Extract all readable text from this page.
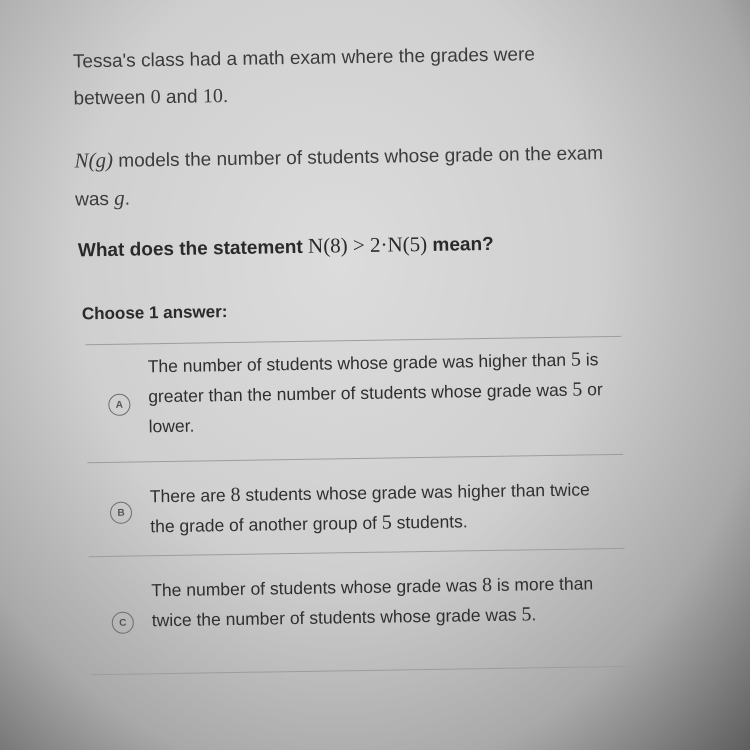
Tessa's class had a math exam where the grades were between 0 and 10.
N(g) models the number of students whose grade on the exam was g.
What does the statement N(8) > 2·N(5) mean?
Choose 1 answer:
A
The number of students whose grade was higher than 5 is greater than the number of students whose grade was 5 or lower.
B
There are 8 students whose grade was higher than twice the grade of another group of 5 students.
C
The number of students whose grade was 8 is more than twice the number of students whose grade was 5.
